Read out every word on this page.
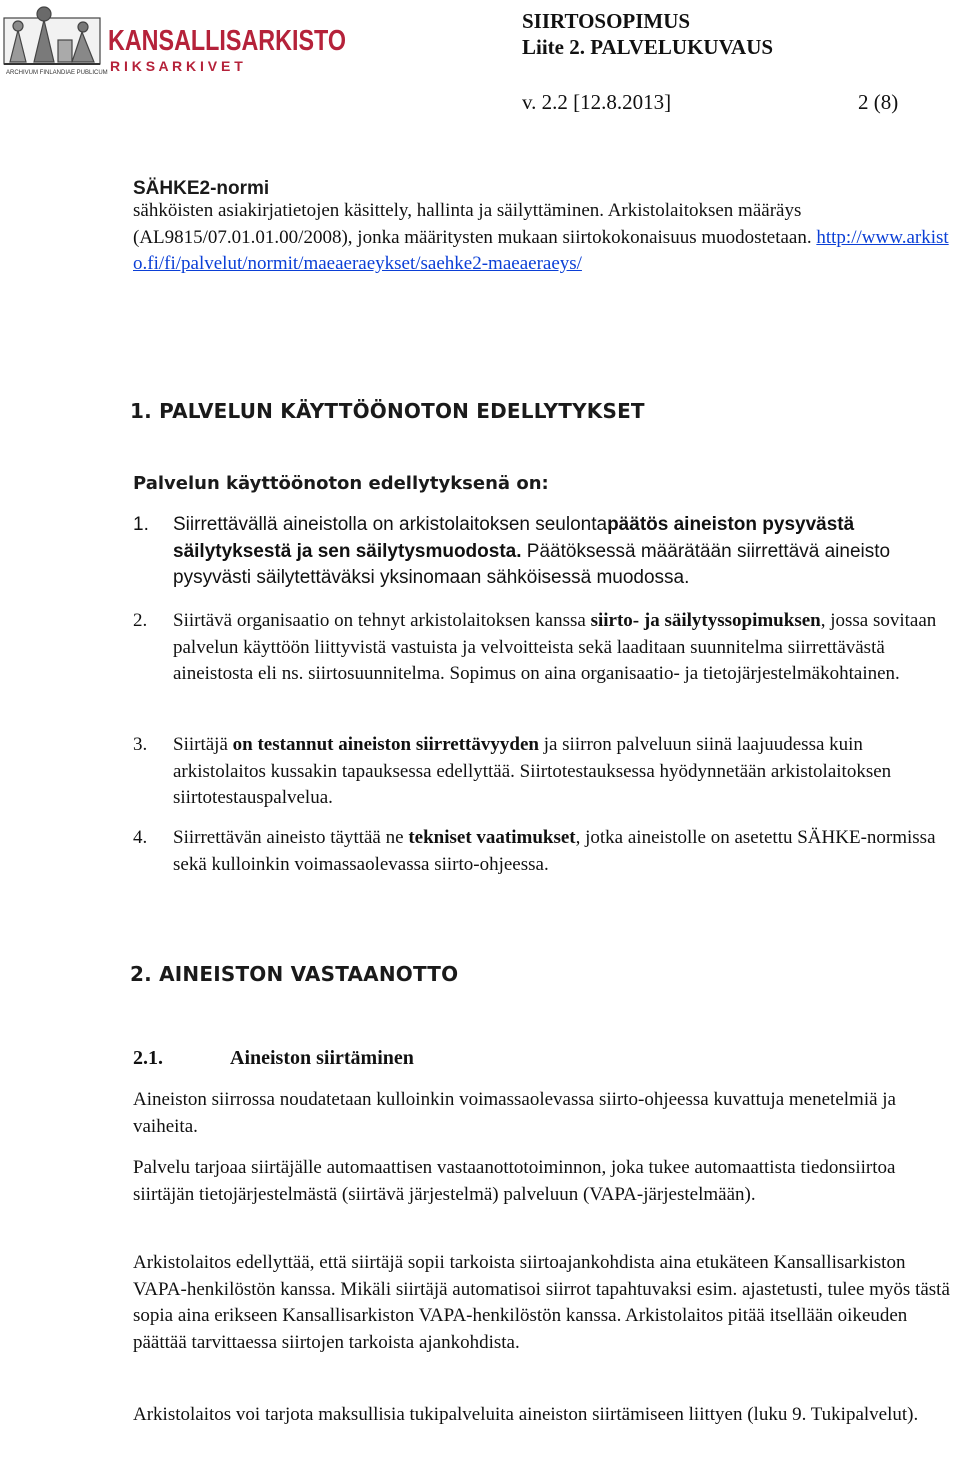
ARCHIVUM FINLANDIAE PUBLICUM
KANSALLISARKISTO
R I K S A R K I V E T
SIIRTOSOPIMUS
Liite 2. PALVELUKUVAUS
v. 2.2 [12.8.2013]	2 (8)
SÄHKE2-normi
sähköisten asiakirjatietojen käsittely, hallinta ja säilyttäminen. Arkistolaitoksen määräys (AL9815/07.01.01.00/2008), jonka määritysten mukaan siirtokokonaisuus muodostetaan. http://www.arkisto.fi/fi/palvelut/normit/maeaeraeykset/saehke2-maeaeraeys/
1. PALVELUN KÄYTTÖÖNOTON EDELLYTYKSET
Palvelun käyttöönoton edellytyksenä on:
1. Siirrettävällä aineistolla on arkistolaitoksen seulontapäätös aineiston pysyvästä säilytyksestä ja sen säilytysmuodosta. Päätöksessä määrätään siirrettävä aineisto pysyvästi säilytettäväksi yksinomaan sähköisessä muodossa.
2. Siirtävä organisaatio on tehnyt arkistolaitoksen kanssa siirto- ja säilytyssopimuksen, jossa sovitaan palvelun käyttöön liittyvistä vastuista ja velvoitteista sekä laaditaan suunnitelma siirrettävästä aineistosta eli ns. siirtosuunnitelma. Sopimus on aina organisaatio- ja tietojärjestelmäkohtainen.
3. Siirtäjä on testannut aineiston siirrettävyyden ja siirron palveluun siinä laajuudessa kuin arkistolaitos kussakin tapauksessa edellyttää. Siirtotestauksessa hyödynnetään arkistolaitoksen siirtotestauspalvelua.
4. Siirrettävän aineisto täyttää ne tekniset vaatimukset, jotka aineistolle on asetettu SÄHKE-normissa sekä kulloinkin voimassaolevassa siirto-ohjeessa.
2. AINEISTON VASTAANOTTO
2.1.	Aineiston siirtäminen
Aineiston siirrossa noudatetaan kulloinkin voimassaolevassa siirto-ohjeessa kuvattuja menetelmiä ja vaiheita.
Palvelu tarjoaa siirtäjälle automaattisen vastaanottotoiminnon, joka tukee automaattista tiedonsiirtoa siirtäjän tietojärjestelmästä (siirtävä järjestelmä) palveluun (VAPA-järjestelmään).
Arkistolaitos edellyttää, että siirtäjä sopii tarkoista siirtoajankohdista aina etukäteen Kansallisarkiston VAPA-henkilöstön kanssa. Mikäli siirtäjä automatisoi siirrot tapahtuvaksi esim. ajastetusti, tulee myös tästä sopia aina erikseen Kansallisarkiston VAPA-henkilöstön kanssa. Arkistolaitos pitää itsellään oikeuden päättää tarvittaessa siirtojen tarkoista ajankohdista.
Arkistolaitos voi tarjota maksullisia tukipalveluita aineiston siirtämiseen liittyen (luku 9. Tukipalvelut).
